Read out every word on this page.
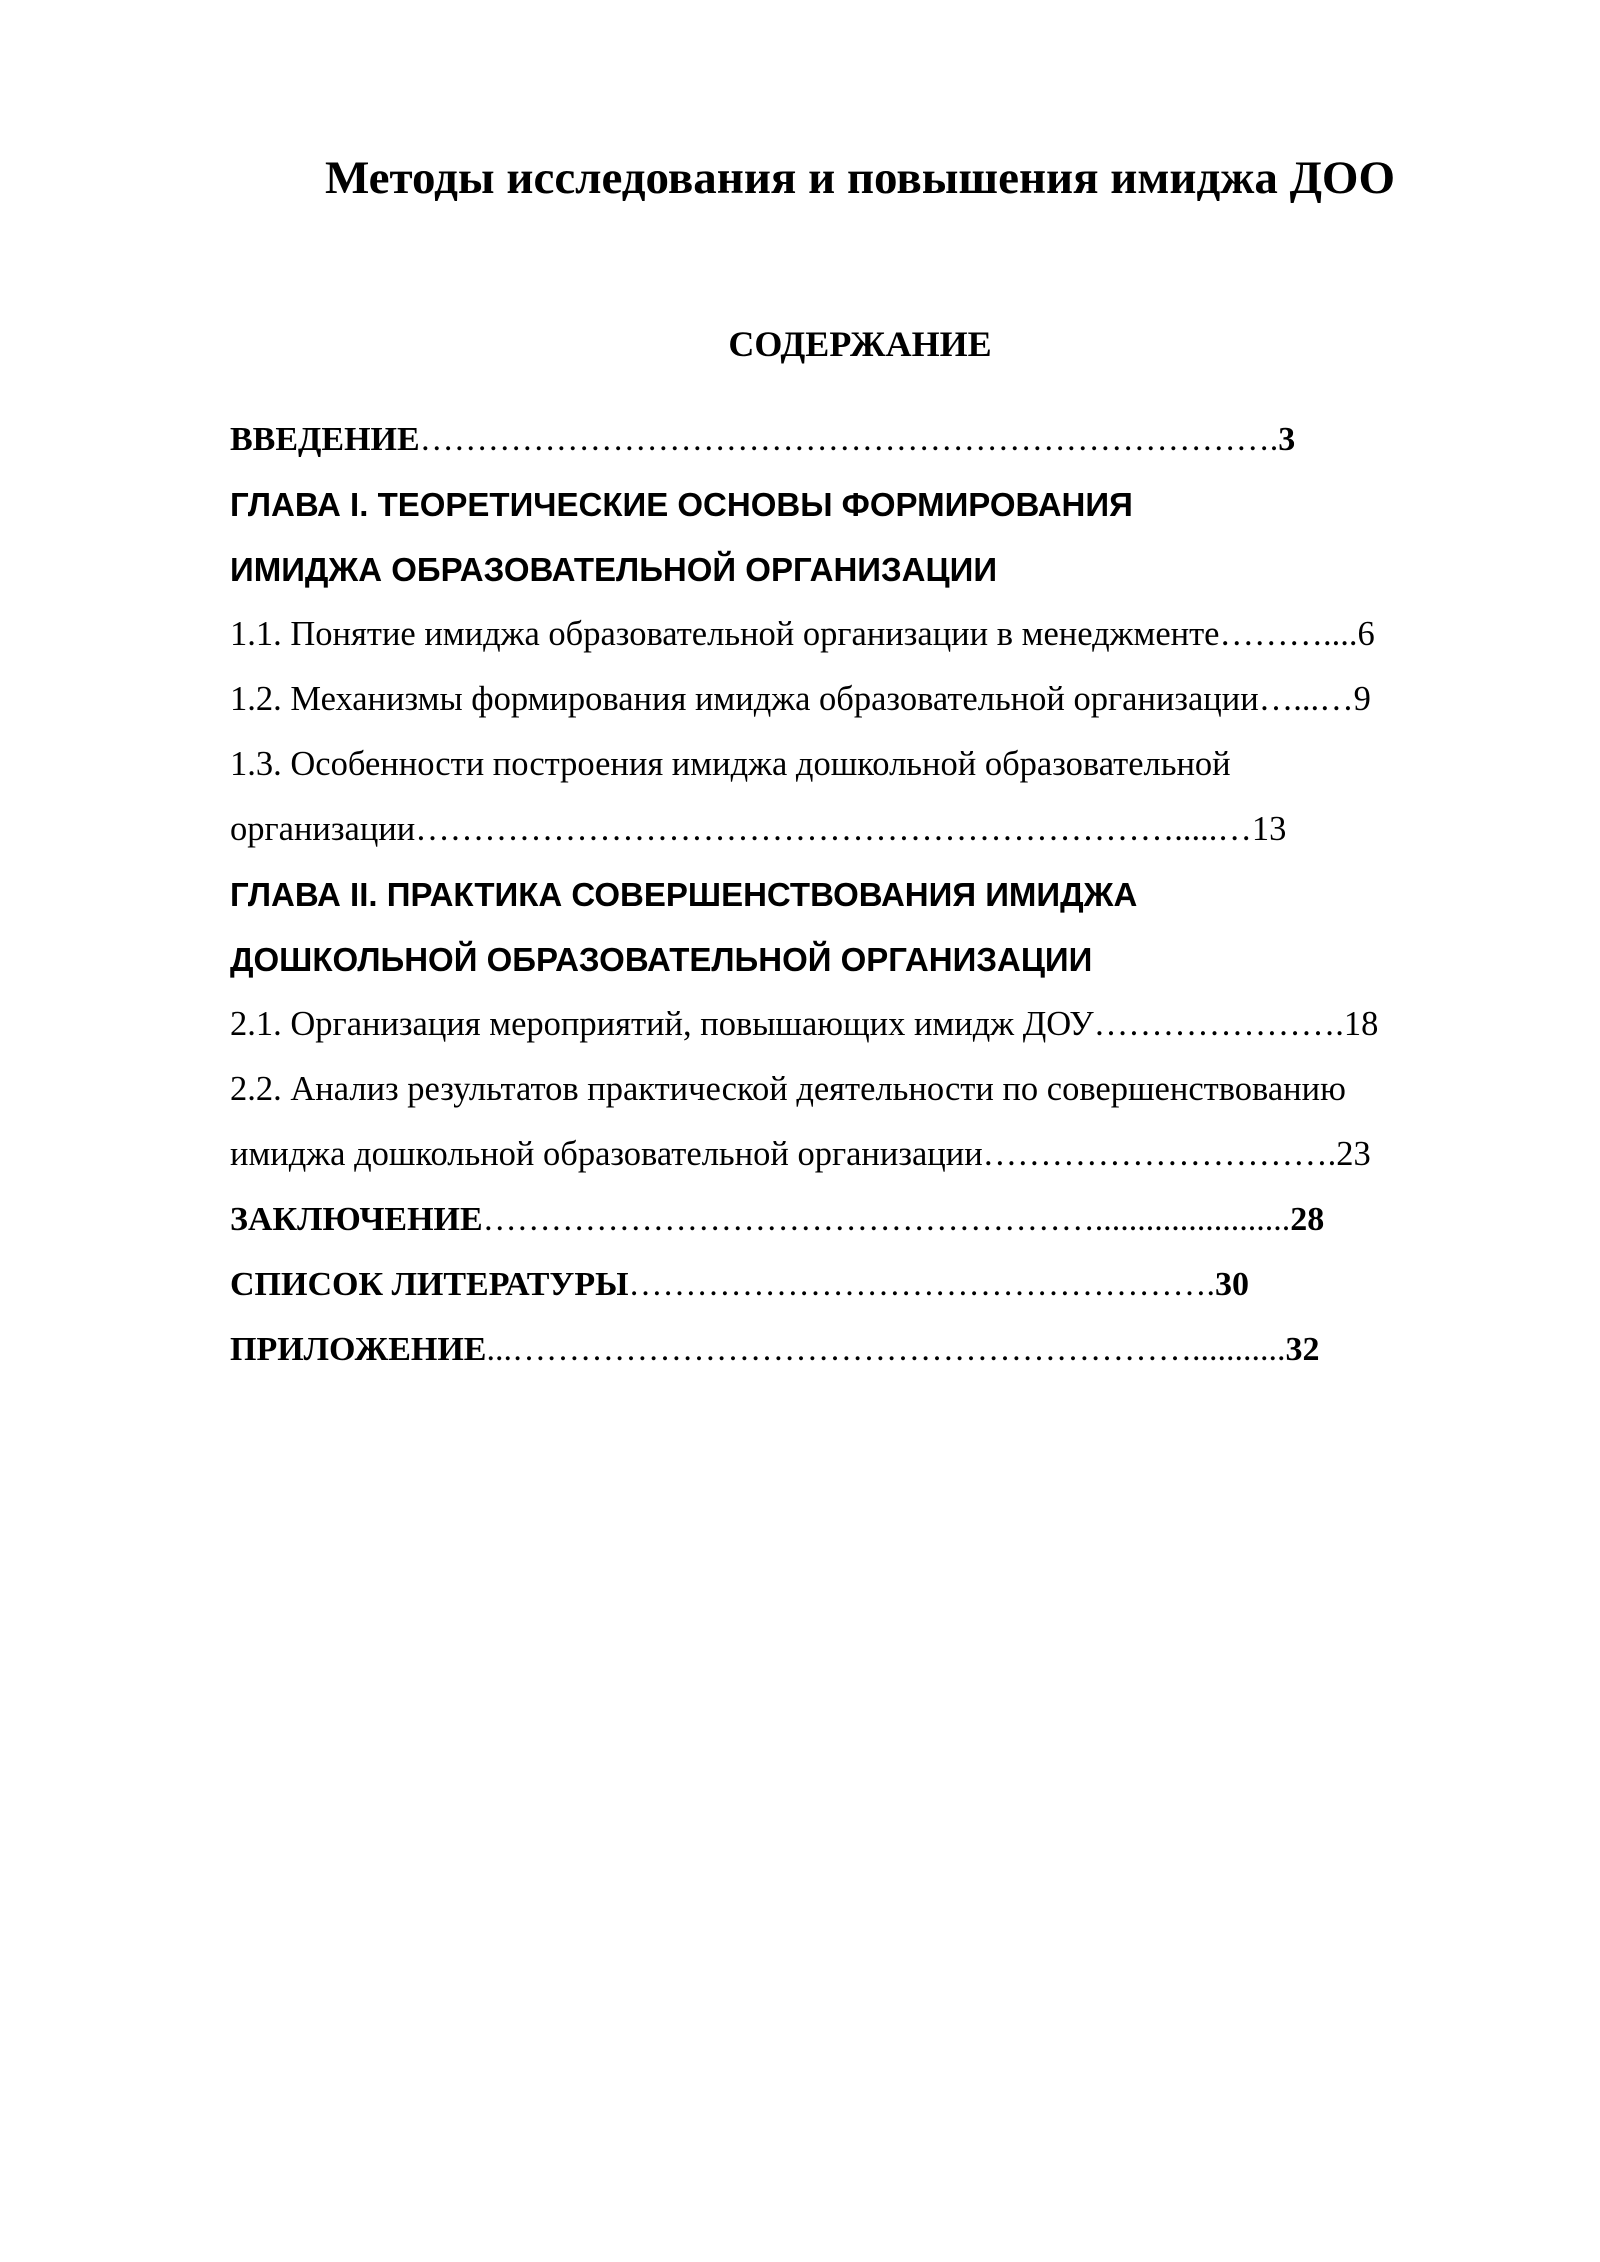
Методы исследования и повышения имиджа ДОО
СОДЕРЖАНИЕ
ВВЕДЕНИЕ………………………………………………………………….3
ГЛАВА I. ТЕОРЕТИЧЕСКИЕ ОСНОВЫ ФОРМИРОВАНИЯ
ИМИДЖА ОБРАЗОВАТЕЛЬНОЙ ОРГАНИЗАЦИИ
1.1. Понятие имиджа образовательной организации в менеджменте………....6
1.2. Механизмы формирования имиджа образовательной организации…...…9
1.3. Особенности построения имиджа дошкольной образовательной
организации………………………………………………………….....…13
ГЛАВА II. ПРАКТИКА СОВЕРШЕНСТВОВАНИЯ ИМИДЖА
ДОШКОЛЬНОЙ ОБРАЗОВАТЕЛЬНОЙ ОРГАНИЗАЦИИ
2.1. Организация мероприятий, повышающих имидж ДОУ………………….18
2.2. Анализ результатов практической деятельности по совершенствованию
имиджа дошкольной образовательной организации………………………….23
ЗАКЛЮЧЕНИЕ……………………………………………….......................28
СПИСОК ЛИТЕРАТУРЫ…………………………………………….30
ПРИЛОЖЕНИЕ...……………………………………………………...........32
